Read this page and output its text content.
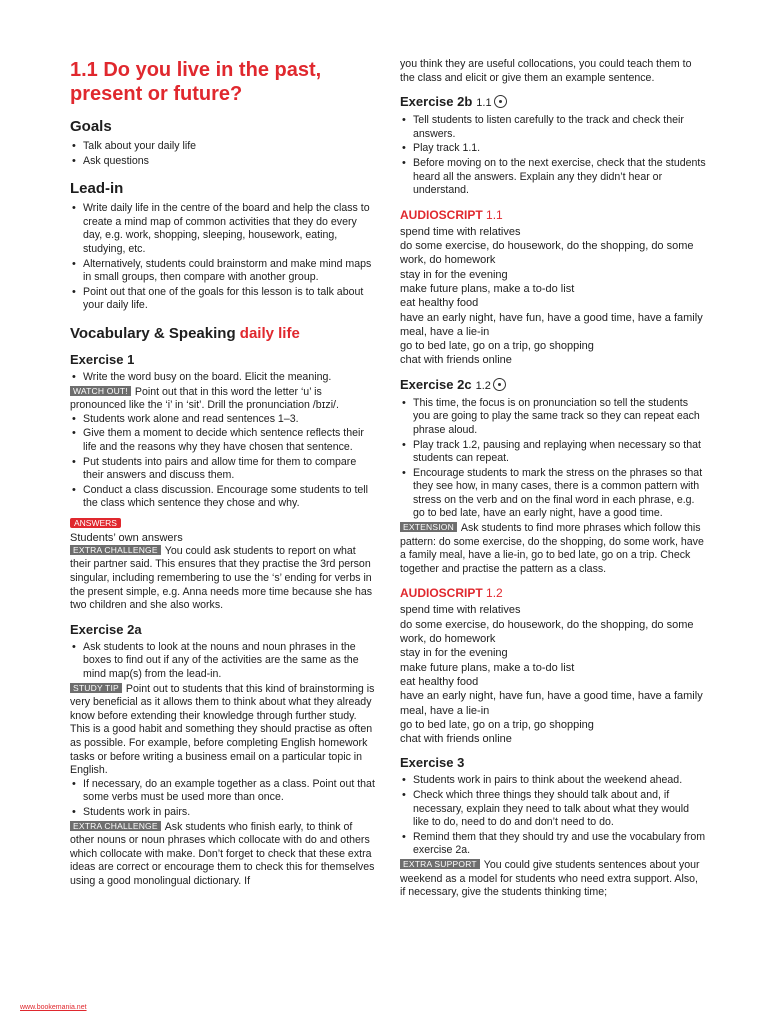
1.1 Do you live in the past, present or future?
Goals
• Talk about your daily life
• Ask questions
Lead-in
• Write daily life in the centre of the board and help the class to create a mind map of common activities that they do every day, e.g. work, shopping, sleeping, housework, eating, studying, etc.
• Alternatively, students could brainstorm and make mind maps in small groups, then compare with another group.
• Point out that one of the goals for this lesson is to talk about your daily life.
Vocabulary & Speaking daily life
Exercise 1
• Write the word busy on the board. Elicit the meaning.

WATCH OUT! Point out that in this word the letter ‘u’ is pronounced like the ‘i’ in ‘sit’. Drill the pronunciation /bɪzi/.

• Students work alone and read sentences 1–3.
• Give them a moment to decide which sentence reflects their life and the reasons why they have chosen that sentence.
• Put students into pairs and allow time for them to compare their answers and discuss them.
• Conduct a class discussion. Encourage some students to tell the class which sentence they chose and why.
ANSWERS
Students’ own answers

EXTRA CHALLENGE You could ask students to report on what their partner said. This ensures that they practise the 3rd person singular, including remembering to use the ‘s’ ending for verbs in the present simple, e.g. Anna needs more time because she has two children and she also works.

Exercise 2a
• Ask students to look at the nouns and noun phrases in the boxes to find out if any of the activities are the same as the mind map(s) from the lead-in.

STUDY TIP Point out to students that this kind of brainstorming is very beneficial as it allows them to think about what they already know before extending their knowledge through further study. This is a good habit and something they should practise as often as possible. For example, before completing English homework tasks or before writing a business email on a particular topic in English.

• If necessary, do an example together as a class. Point out that some verbs must be used more than once.
• Students work in pairs.

EXTRA CHALLENGE Ask students who finish early, to think of other nouns or noun phrases which collocate with do and others which collocate with make. Don’t forget to check that these extra ideas are correct or encourage them to check this for themselves using a good monolingual dictionary. If

you think they are useful collocations, you could teach them to the class and elicit or give them an example sentence.

Exercise 2b 1.1
• Tell students to listen carefully to the track and check their answers.
• Play track 1.1.
• Before moving on to the next exercise, check that the students heard all the answers. Explain any they didn’t hear or understand.
AUDIOSCRIPT 1.1
spend time with relatives
do some exercise, do housework, do the shopping, do some work, do homework
stay in for the evening
make future plans, make a to-do list
eat healthy food
have an early night, have fun, have a good time, have a family meal, have a lie-in
go to bed late, go on a trip, go shopping
chat with friends online
Exercise 2c 1.2
• This time, the focus is on pronunciation so tell the students you are going to play the same track so they can repeat each phrase aloud.
• Play track 1.2, pausing and replaying when necessary so that students can repeat.
• Encourage students to mark the stress on the phrases so that they see how, in many cases, there is a common pattern with stress on the verb and on the final word in each phrase, e.g. go to bed late, have an early night, have a good time.

EXTENSION Ask students to find more phrases which follow this pattern: do some exercise, do the shopping, do some work, have a family meal, have a lie-in, go to bed late, go on a trip. Check together and practise the pattern as a class.

AUDIOSCRIPT 1.2
spend time with relatives
do some exercise, do housework, do the shopping, do some work, do homework
stay in for the evening
make future plans, make a to-do list
eat healthy food
have an early night, have fun, have a good time, have a family meal, have a lie-in
go to bed late, go on a trip, go shopping
chat with friends online
Exercise 3
• Students work in pairs to think about the weekend ahead.
• Check which three things they should talk about and, if necessary, explain they need to talk about what they would like to do, need to do and don’t need to do.
• Remind them that they should try and use the vocabulary from exercise 2a.

EXTRA SUPPORT You could give students sentences about your weekend as a model for students who need extra support. Also, if necessary, give the students thinking time;

www.bookemania.net
